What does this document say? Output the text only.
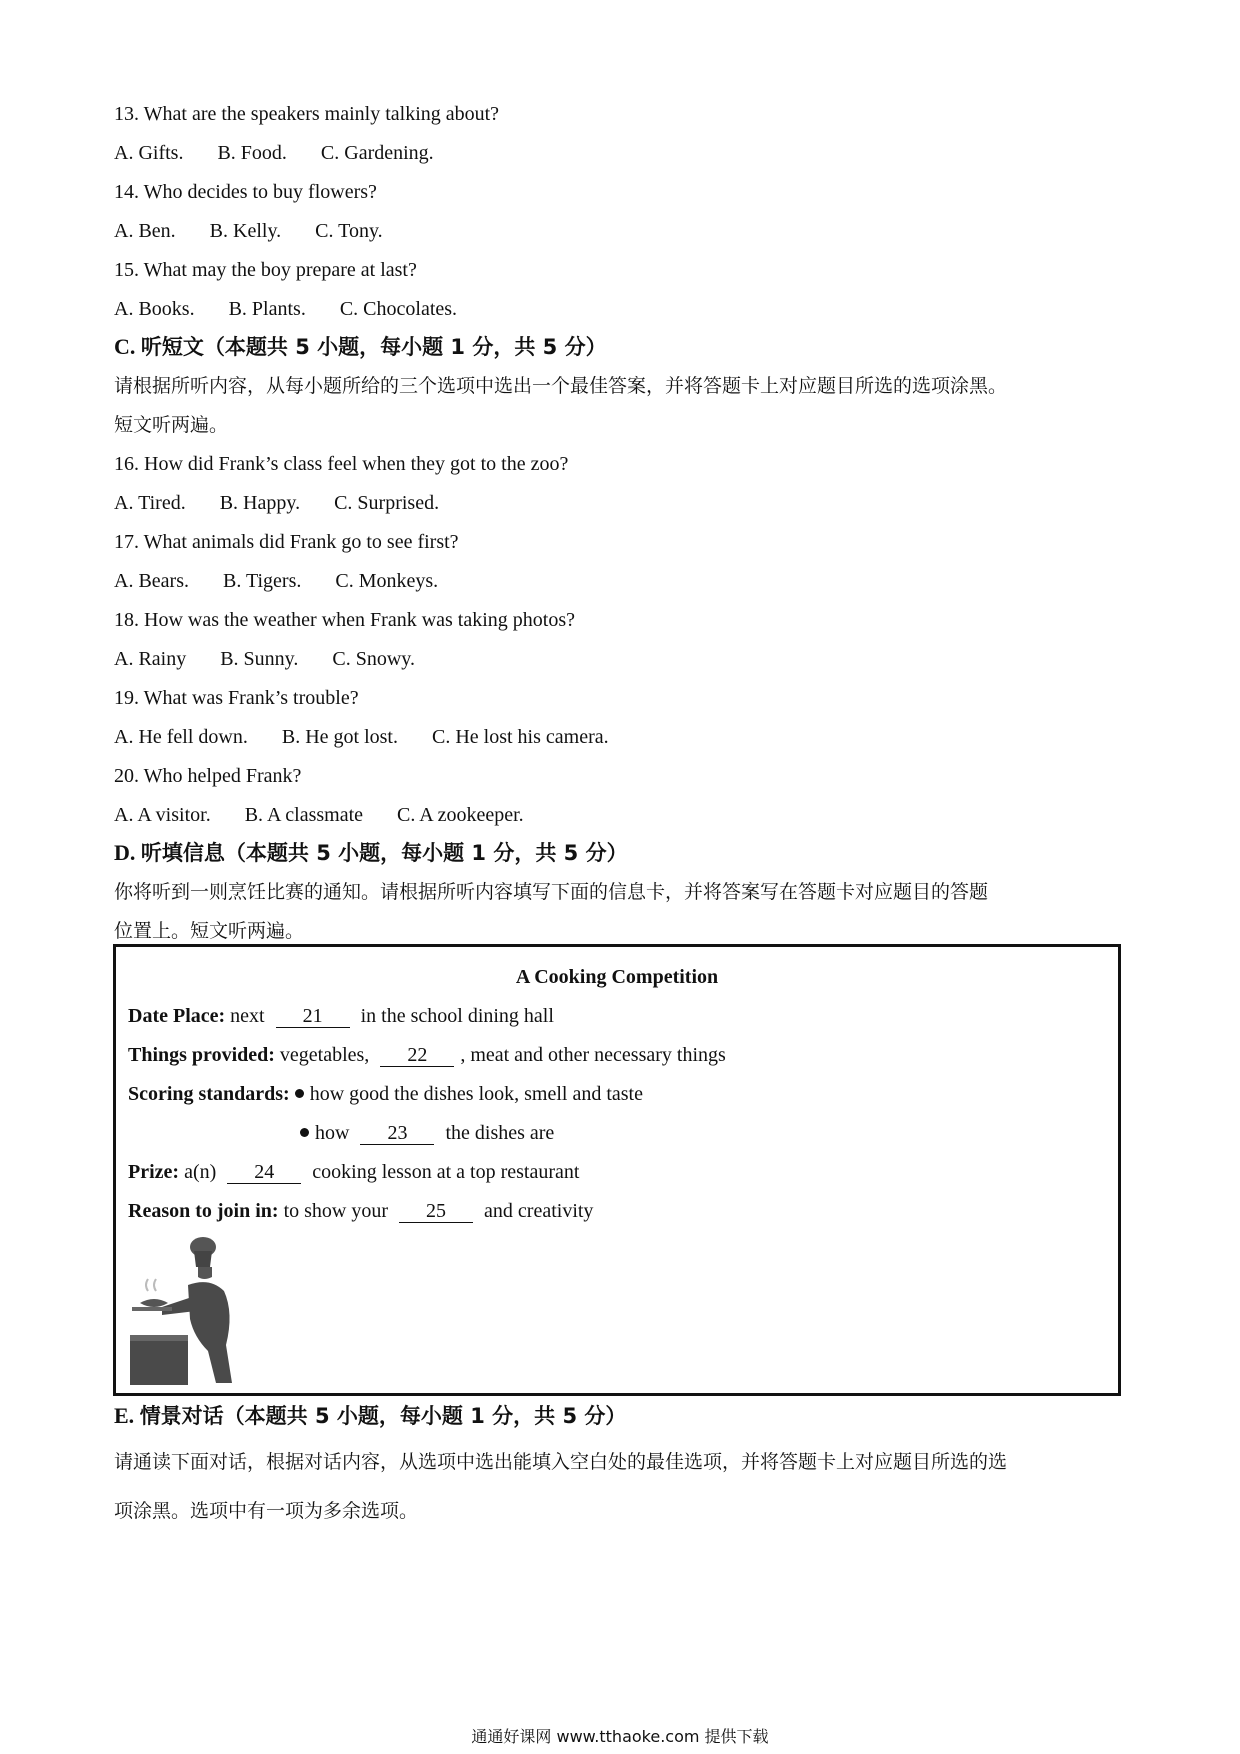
13. What are the speakers mainly talking about?
A. Gifts. B. Food. C. Gardening.
14. Who decides to buy flowers?
A. Ben. B. Kelly. C. Tony.
15. What may the boy prepare at last?
A. Books. B. Plants. C. Chocolates.
C. 听短文（本题共 5 小题，每小题 1 分，共 5 分）
请根据所听内容，从每小题所给的三个选项中选出一个最佳答案，并将答题卡上对应题目所选的选项涂黑。
短文听两遍。
16. How did Frank’s class feel when they got to the zoo?
A. Tired. B. Happy. C. Surprised.
17. What animals did Frank go to see first?
A. Bears. B. Tigers. C. Monkeys.
18. How was the weather when Frank was taking photos?
A. Rainy B. Sunny. C. Snowy.
19. What was Frank’s trouble?
A. He fell down. B. He got lost. C. He lost his camera.
20. Who helped Frank?
A. A visitor. B. A classmate C. A zookeeper.
D. 听填信息（本题共 5 小题，每小题 1 分，共 5 分）
你将听到一则烹饪比赛的通知。请根据所听内容填写下面的信息卡，并将答案写在答题卡对应题目的答题
位置上。短文听两遍。
A Cooking Competition
Date Place: next 21 in the school dining hall
Things provided: vegetables, 22 , meat and other necessary things
Scoring standards: how good the dishes look, smell and taste
how 23 the dishes are
Prize: a(n) 24 cooking lesson at a top restaurant
Reason to join in: to show your 25 and creativity
E. 情景对话（本题共 5 小题，每小题 1 分，共 5 分）
请通读下面对话，根据对话内容，从选项中选出能填入空白处的最佳选项，并将答题卡上对应题目所选的选
项涂黑。选项中有一项为多余选项。
通通好课网 www.tthaoke.com 提供下载
